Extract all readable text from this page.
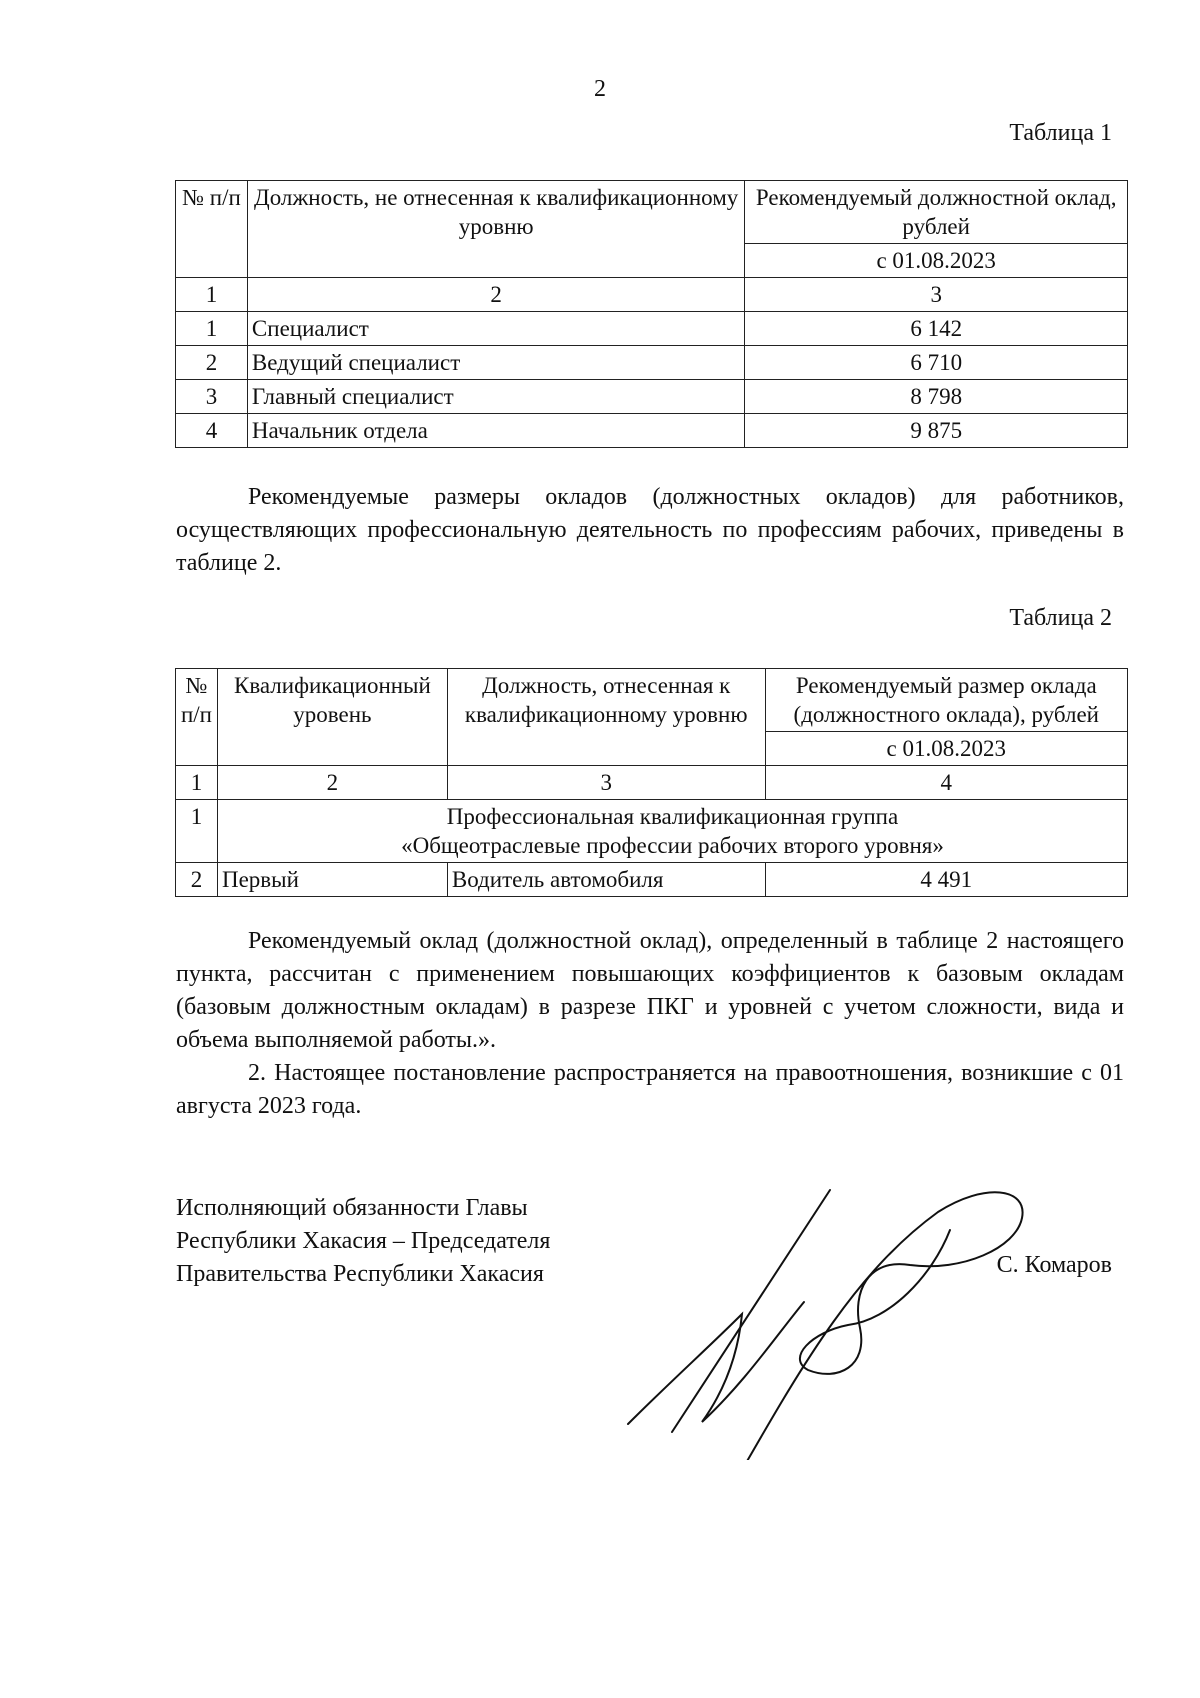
2
Таблица 1
№ п/п	Должность, не отнесенная к квалификационному уровню	Рекомендуемый должностной оклад, рублей
		с 01.08.2023
1	2	3
1	Специалист	6 142
2	Ведущий специалист	6 710
3	Главный специалист	8 798
4	Начальник отдела	9 875

Рекомендуемые размеры окладов (должностных окладов) для работников, осуществляющих профессиональную деятельность по профессиям рабочих, приведены в таблице 2.

Таблица 2
№ п/п	Квалификационный уровень	Должность, отнесенная к квалификационному уровню	Рекомендуемый размер оклада (должностного оклада), рублей
			с 01.08.2023
1	2	3	4
1	Профессиональная квалификационная группа
«Общеотраслевые профессии рабочих второго уровня»		

2	Первый	Водитель автомобиля	4 491

Рекомендуемый оклад (должностной оклад), определенный в таблице 2 настоящего пункта, рассчитан с применением повышающих коэффициентов к базовым окладам (базовым должностным окладам) в разрезе ПКГ и уровней с учетом сложности, вида и объема выполняемой работы.».

2. Настоящее постановление распространяется на правоотношения, возникшие с 01 августа 2023 года.

Исполняющий обязанности Главы
Республики Хакасия – Председателя
Правительства Республики Хакасия	С. Комаров
